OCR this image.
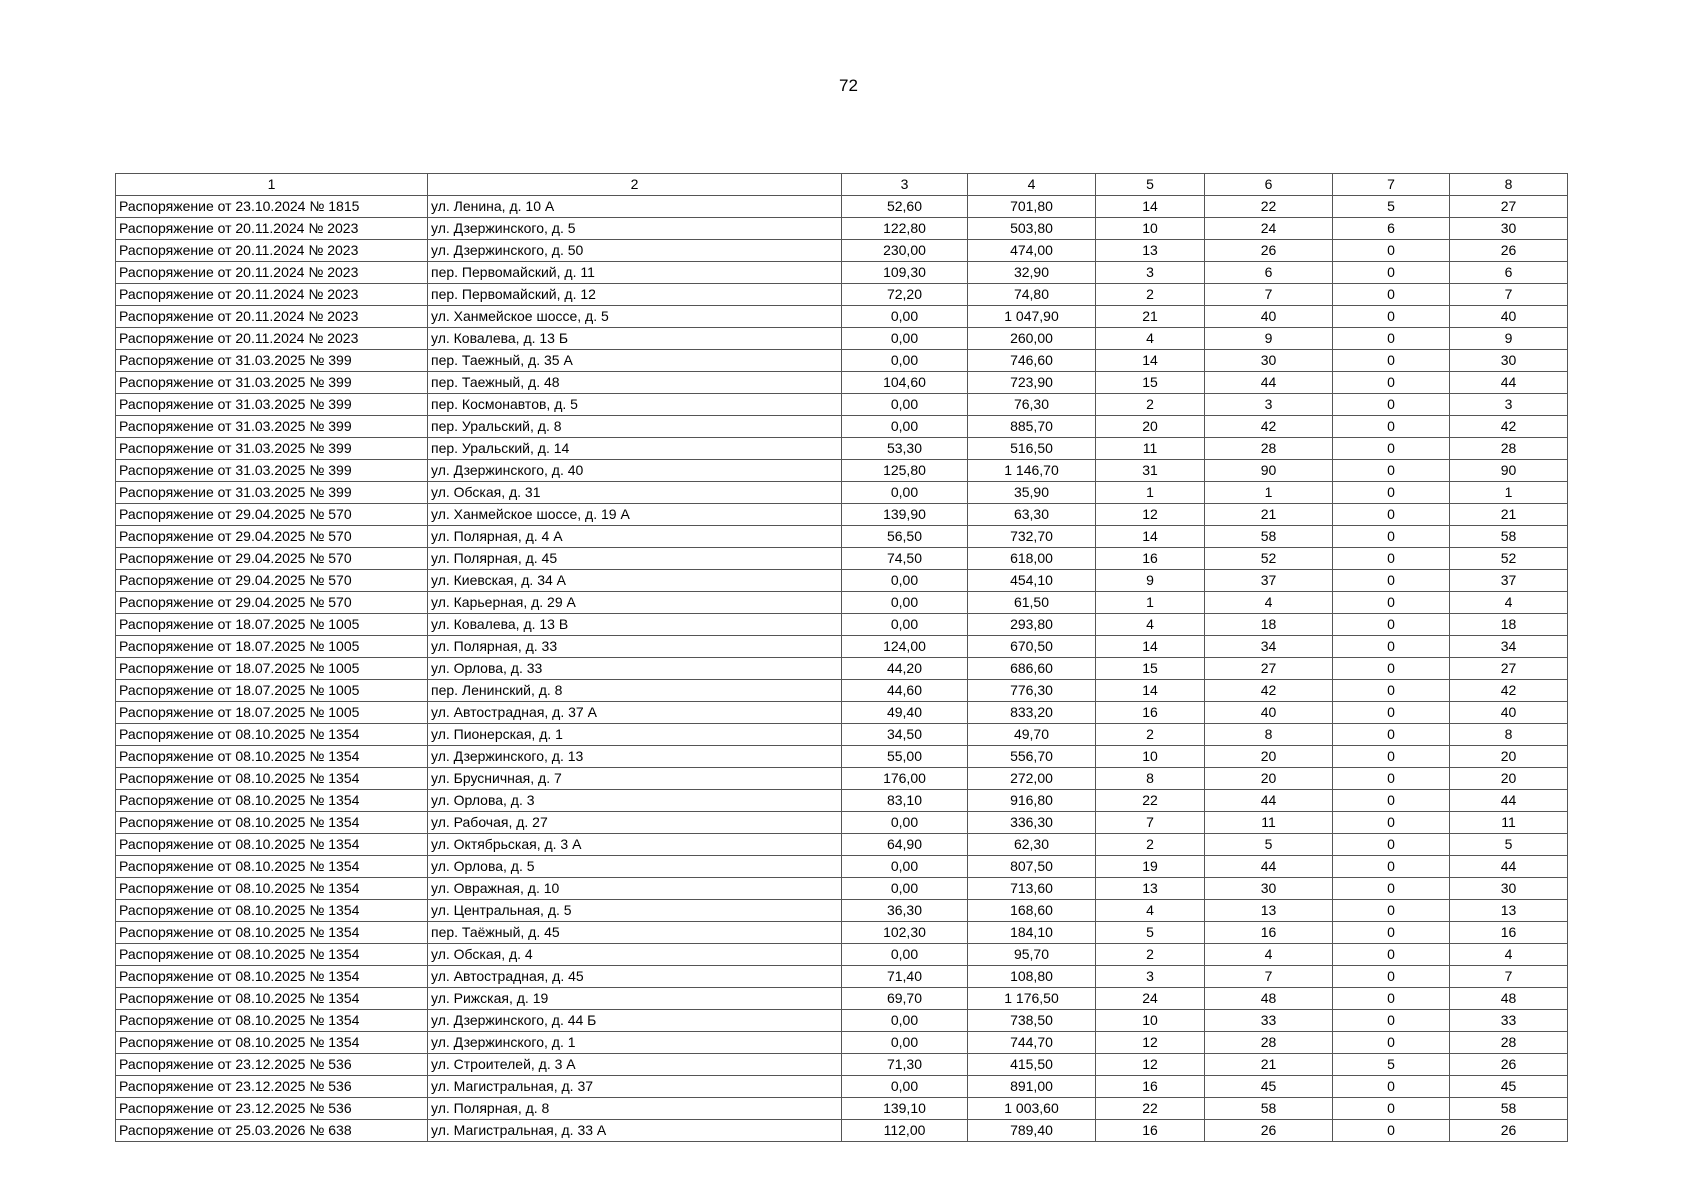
72
1	2	3	4	5	6	7	8
Распоряжение от 23.10.2024 № 1815	ул. Ленина, д. 10 А	52,60	701,80	14	22	5	27
Распоряжение от 20.11.2024 № 2023	ул. Дзержинского, д. 5	122,80	503,80	10	24	6	30
Распоряжение от 20.11.2024 № 2023	ул. Дзержинского, д. 50	230,00	474,00	13	26	0	26
Распоряжение от 20.11.2024 № 2023	пер. Первомайский, д. 11	109,30	32,90	3	6	0	6
Распоряжение от 20.11.2024 № 2023	пер. Первомайский, д. 12	72,20	74,80	2	7	0	7
Распоряжение от 20.11.2024 № 2023	ул. Ханмейское шоссе, д. 5	0,00	1 047,90	21	40	0	40
Распоряжение от 20.11.2024 № 2023	ул. Ковалева, д. 13 Б	0,00	260,00	4	9	0	9
Распоряжение от 31.03.2025 № 399	пер. Таежный, д. 35 А	0,00	746,60	14	30	0	30
Распоряжение от 31.03.2025 № 399	пер. Таежный, д. 48	104,60	723,90	15	44	0	44
Распоряжение от 31.03.2025 № 399	пер. Космонавтов, д. 5	0,00	76,30	2	3	0	3
Распоряжение от 31.03.2025 № 399	пер. Уральский, д. 8	0,00	885,70	20	42	0	42
Распоряжение от 31.03.2025 № 399	пер. Уральский, д. 14	53,30	516,50	11	28	0	28
Распоряжение от 31.03.2025 № 399	ул. Дзержинского, д. 40	125,80	1 146,70	31	90	0	90
Распоряжение от 31.03.2025 № 399	ул. Обская, д. 31	0,00	35,90	1	1	0	1
Распоряжение от 29.04.2025 № 570	ул. Ханмейское шоссе, д. 19 А	139,90	63,30	12	21	0	21
Распоряжение от 29.04.2025 № 570	ул. Полярная, д. 4 А	56,50	732,70	14	58	0	58
Распоряжение от 29.04.2025 № 570	ул. Полярная, д. 45	74,50	618,00	16	52	0	52
Распоряжение от 29.04.2025 № 570	ул. Киевская, д. 34 А	0,00	454,10	9	37	0	37
Распоряжение от 29.04.2025 № 570	ул. Карьерная, д. 29 А	0,00	61,50	1	4	0	4
Распоряжение от 18.07.2025 № 1005	ул. Ковалева, д. 13 В	0,00	293,80	4	18	0	18
Распоряжение от 18.07.2025 № 1005	ул. Полярная, д. 33	124,00	670,50	14	34	0	34
Распоряжение от 18.07.2025 № 1005	ул. Орлова, д. 33	44,20	686,60	15	27	0	27
Распоряжение от 18.07.2025 № 1005	пер. Ленинский, д. 8	44,60	776,30	14	42	0	42
Распоряжение от 18.07.2025 № 1005	ул. Автострадная, д. 37 А	49,40	833,20	16	40	0	40
Распоряжение от 08.10.2025 № 1354	ул. Пионерская, д. 1	34,50	49,70	2	8	0	8
Распоряжение от 08.10.2025 № 1354	ул. Дзержинского, д. 13	55,00	556,70	10	20	0	20
Распоряжение от 08.10.2025 № 1354	ул. Брусничная, д. 7	176,00	272,00	8	20	0	20
Распоряжение от 08.10.2025 № 1354	ул. Орлова, д. 3	83,10	916,80	22	44	0	44
Распоряжение от 08.10.2025 № 1354	ул. Рабочая, д. 27	0,00	336,30	7	11	0	11
Распоряжение от 08.10.2025 № 1354	ул. Октябрьская, д. 3 А	64,90	62,30	2	5	0	5
Распоряжение от 08.10.2025 № 1354	ул. Орлова, д. 5	0,00	807,50	19	44	0	44
Распоряжение от 08.10.2025 № 1354	ул. Овражная, д. 10	0,00	713,60	13	30	0	30
Распоряжение от 08.10.2025 № 1354	ул. Центральная, д. 5	36,30	168,60	4	13	0	13
Распоряжение от 08.10.2025 № 1354	пер. Таёжный, д. 45	102,30	184,10	5	16	0	16
Распоряжение от 08.10.2025 № 1354	ул. Обская, д. 4	0,00	95,70	2	4	0	4
Распоряжение от 08.10.2025 № 1354	ул. Автострадная, д. 45	71,40	108,80	3	7	0	7
Распоряжение от 08.10.2025 № 1354	ул. Рижская, д. 19	69,70	1 176,50	24	48	0	48
Распоряжение от 08.10.2025 № 1354	ул. Дзержинского, д. 44 Б	0,00	738,50	10	33	0	33
Распоряжение от 08.10.2025 № 1354	ул. Дзержинского, д. 1	0,00	744,70	12	28	0	28
Распоряжение от 23.12.2025 № 536	ул. Строителей, д. 3 А	71,30	415,50	12	21	5	26
Распоряжение от 23.12.2025 № 536	ул. Магистральная, д. 37	0,00	891,00	16	45	0	45
Распоряжение от 23.12.2025 № 536	ул. Полярная, д. 8	139,10	1 003,60	22	58	0	58
Распоряжение от 25.03.2026 № 638	ул. Магистральная, д. 33 А	112,00	789,40	16	26	0	26
